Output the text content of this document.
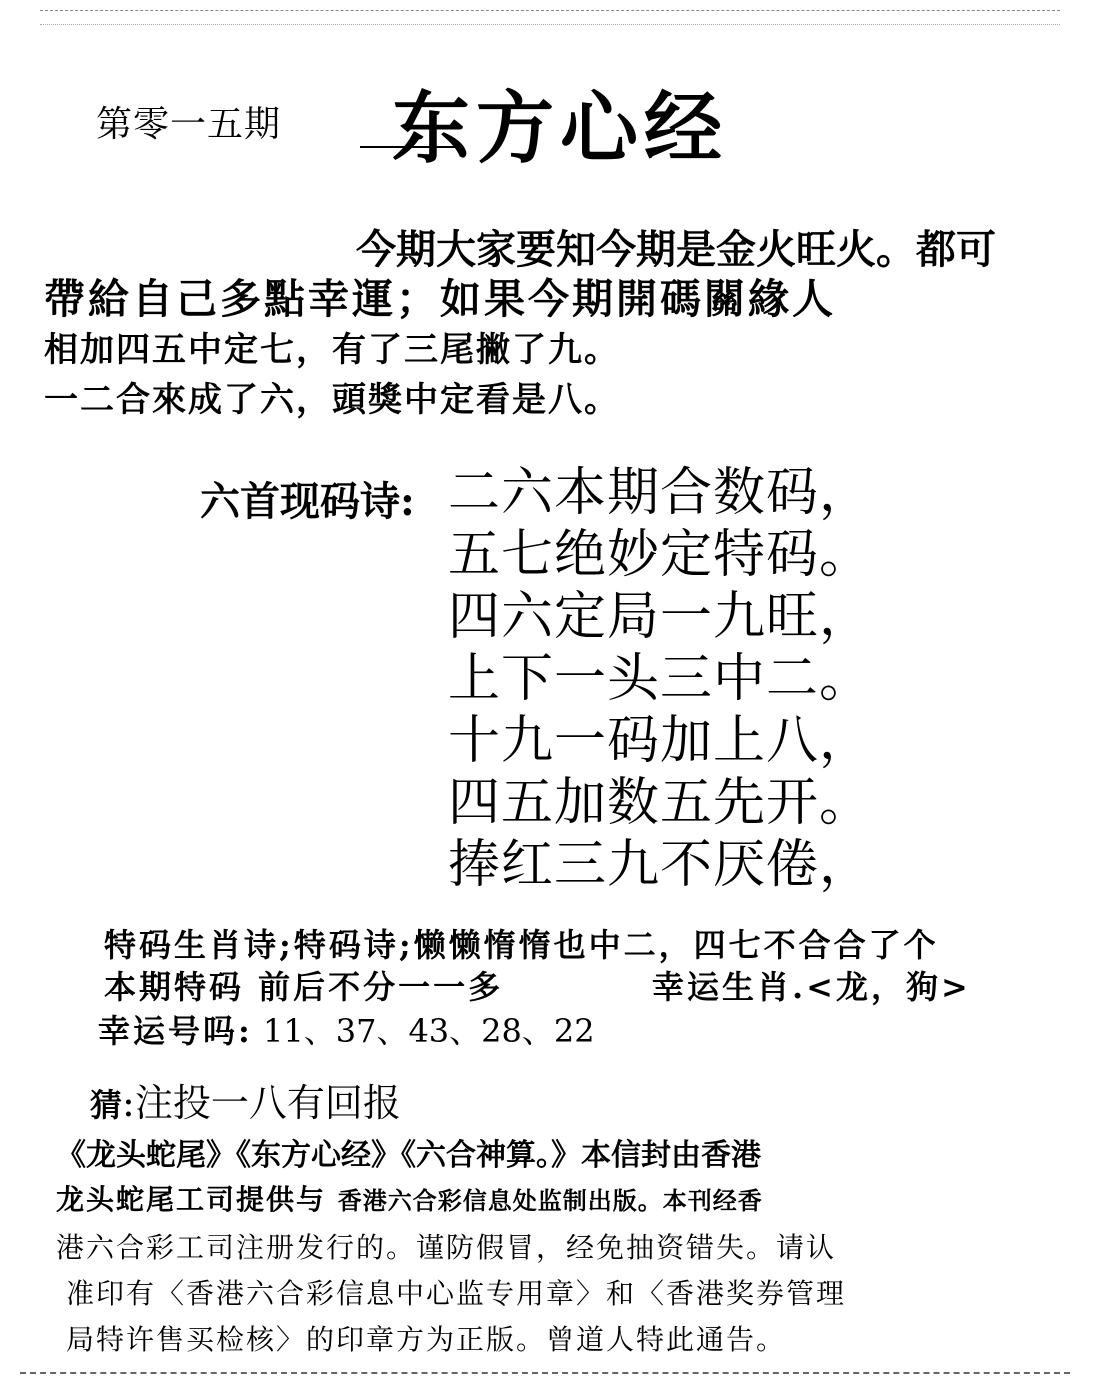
第零一五期 东方心经
今期大家要知今期是金火旺火。都可
帶給自己多點幸運；如果今期開碼關緣人
相加四五中定七，有了三尾撇了九。
一二合來成了六，頭獎中定看是八。
六首现码诗: 二六本期合数码，
五七绝妙定特码。
四六定局一九旺，
上下一头三中二。
十九一码加上八，
四五加数五先开。
捧红三九不厌倦，
特码生肖诗;特码诗;懒懒惰惰也中二，四七不合合了个
本期特码 前后不分一一多	幸运生肖.<龙，狗>
幸运号吗: 11、37、43、28、22
猜:注投一八有回报
《龙头蛇尾》《东方心经》《六合神算。》本信封由香港
龙头蛇尾工司提供与 香港六合彩信息处监制出版。本刊经香
港六合彩工司注册发行的。谨防假冒，经免抽资错失。请认
准印有〈香港六合彩信息中心监专用章〉和〈香港奖券管理
局特许售买检核〉的印章方为正版。曾道人特此通告。
